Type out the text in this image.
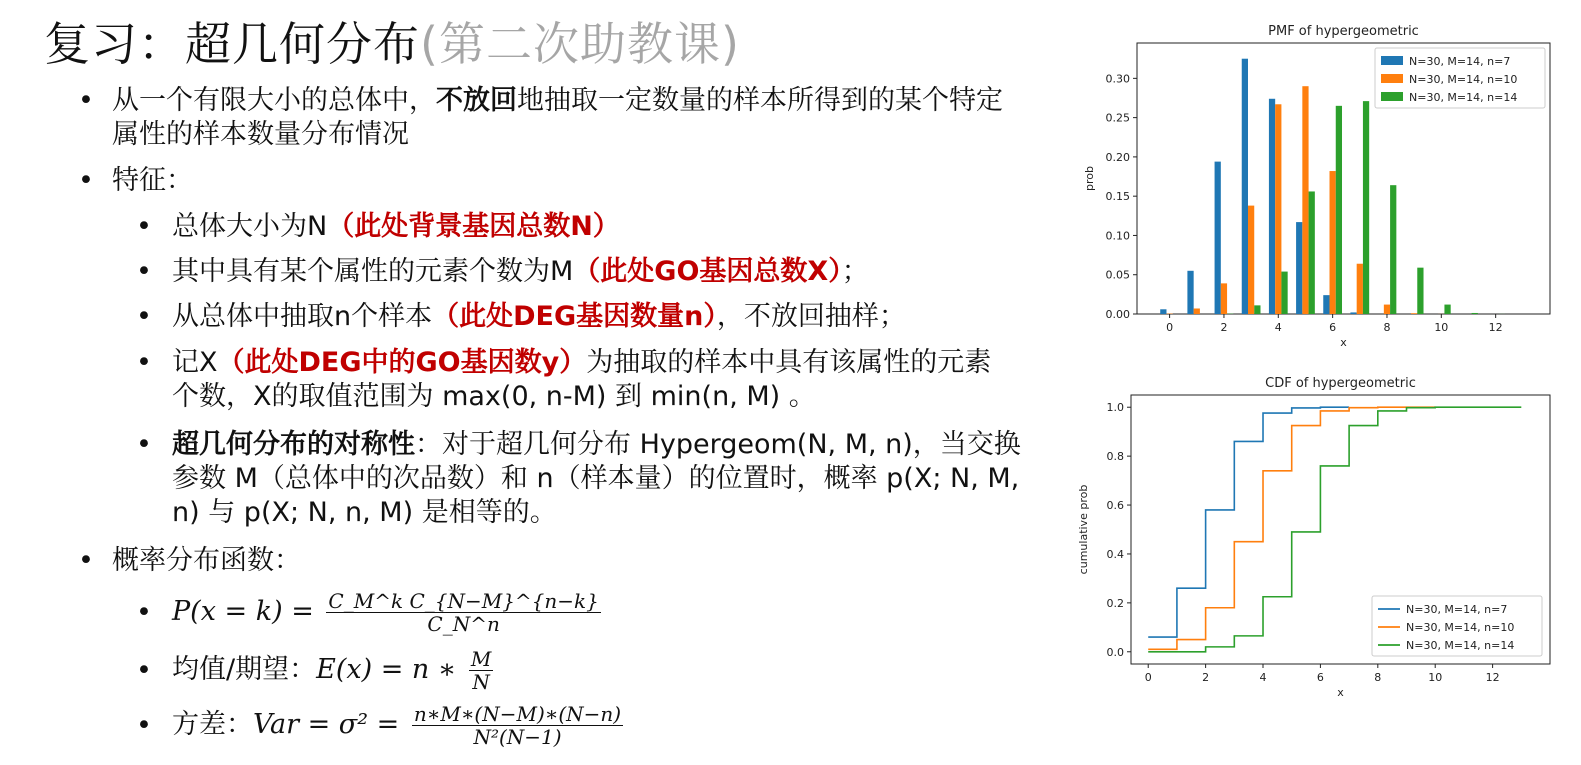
复习：超几何分布(第二次助教课)
• 从一个有限大小的总体中，不放回地抽取一定数量的样本所得到的某个特定属性的样本数量分布情况
• 特征：
• 总体大小为N（此处背景基因总数N）
• 其中具有某个属性的元素个数为M（此处GO基因总数X）；
• 从总体中抽取n个样本（此处DEG基因数量n），不放回抽样；
• 记X（此处DEG中的GO基因数y）为抽取的样本中具有该属性的元素个数，X的取值范围为 max(0, n-M) 到 min(n, M) 。
• 超几何分布的对称性：对于超几何分布 Hypergeom(N, M, n)，当交换参数 M（总体中的次品数）和 n（样本量）的位置时，概率 p(X; N, M, n) 与 p(X; N, n, M) 是相等的。
• 概率分布函数：
• $P(x = k) = \frac{\text{C\_M\textasciicircum{}k C\_\{N−M\}\textasciicircum{}\{n−k\}}}{C\_N\^{}n}$
• 均值/期望：E(x) = n ∗ $\frac{M}{N}$
• 方差：Var = $\sigma^2 = \frac{n∗M∗(N-M)∗(N-n)}{\text{N²(N−1)}}$
PMF of hypergeometric
0	2	4	6	8	10	12
0.00
0.05
0.10
0.15
0.20
0.25
0.30
x
prob
N=30, M=14, n=7
N=30, M=14, n=10
N=30, M=14, n=14
CDF of hypergeometric
0	2	4	6	8	10	12
0.0
0.2
0.4
0.6
0.8
1.0
x
cumulative prob
N=30, M=14, n=7
N=30, M=14, n=10
N=30, M=14, n=14
